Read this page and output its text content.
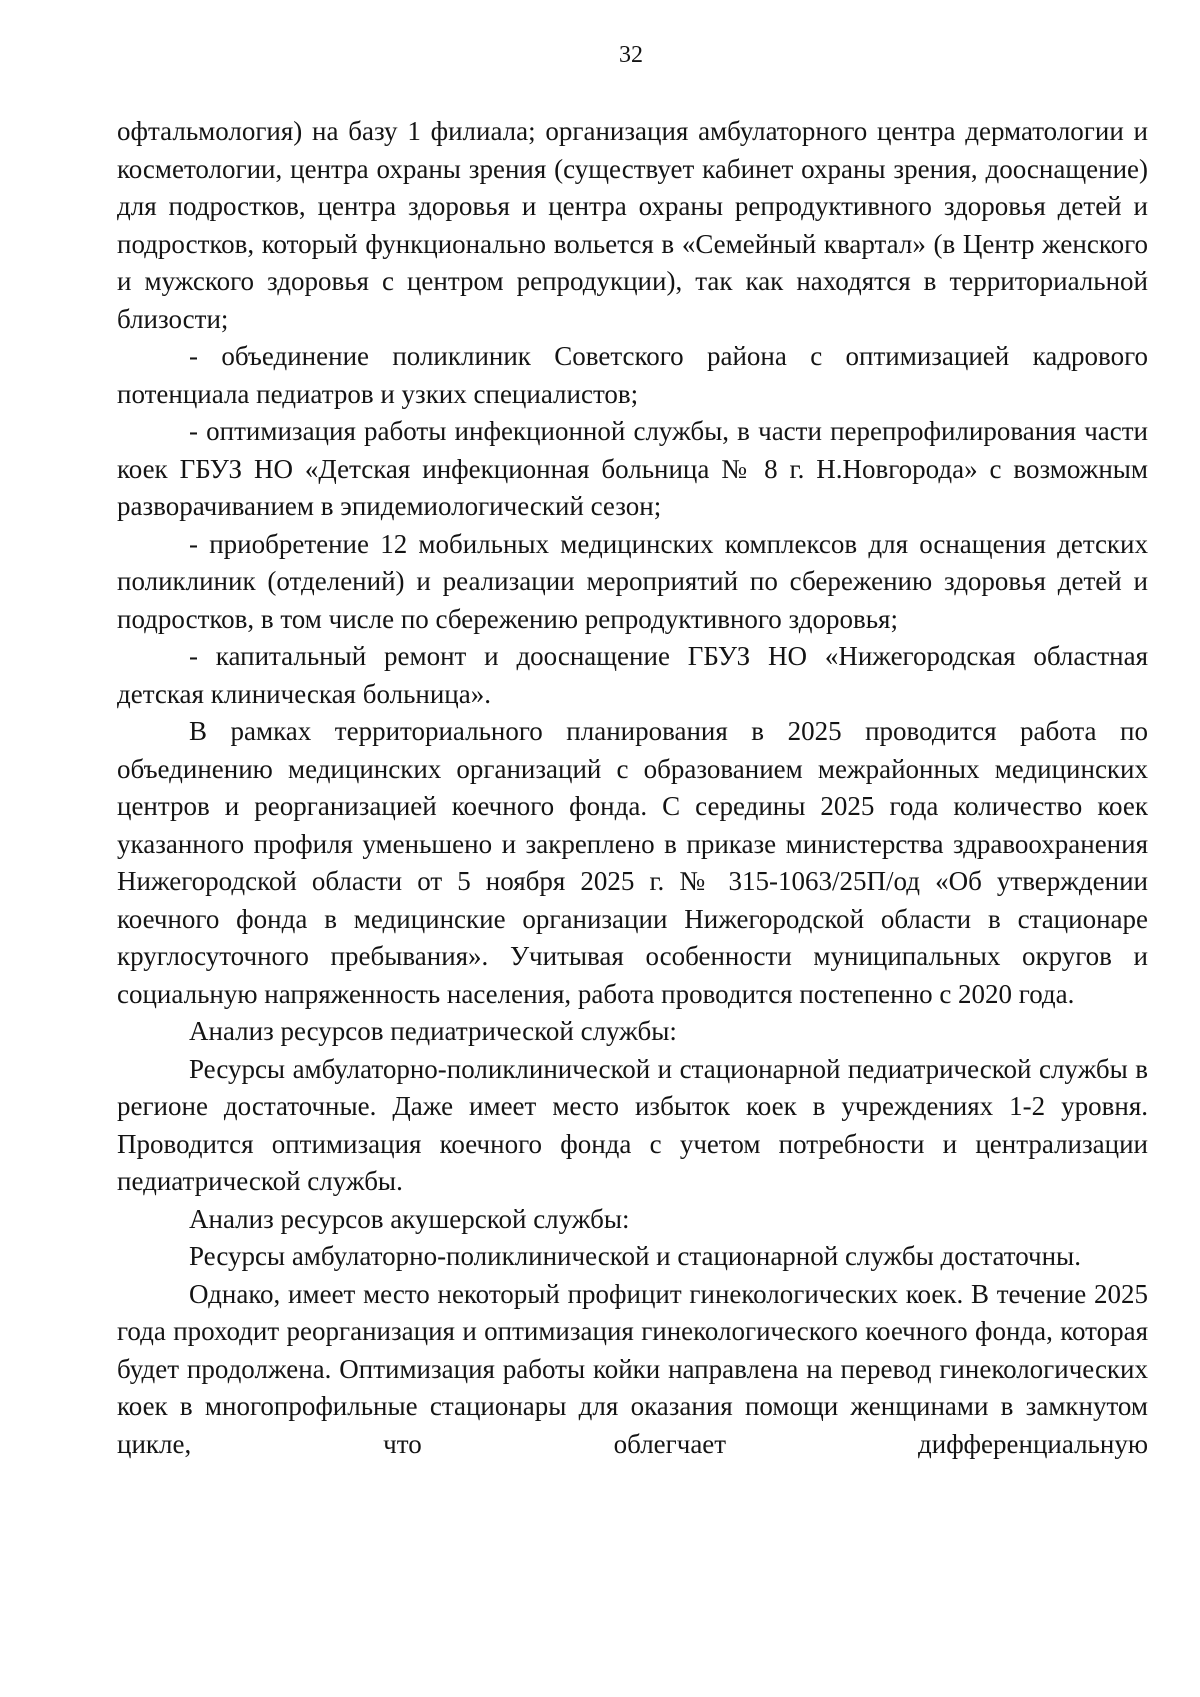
32

офтальмология) на базу 1 филиала; организация амбулаторного центра дерматологии и косметологии, центра охраны зрения (существует кабинет охраны зрения, дооснащение) для подростков, центра здоровья и центра охраны репродуктивного здоровья детей и подростков, который функционально вольется в «Семейный квартал» (в Центр женского и мужского здоровья с центром репродукции), так как находятся в территориальной близости;

- объединение поликлиник Советского района с оптимизацией кадрового потенциала педиатров и узких специалистов;

- оптимизация работы инфекционной службы, в части перепрофилирования части коек ГБУЗ НО «Детская инфекционная больница № 8 г. Н.Новгорода» с возможным разворачиванием в эпидемиологический сезон;

- приобретение 12 мобильных медицинских комплексов для оснащения детских поликлиник (отделений) и реализации мероприятий по сбережению здоровья детей и подростков, в том числе по сбережению репродуктивного здоровья;

- капитальный ремонт и дооснащение ГБУЗ НО «Нижегородская областная детская клиническая больница».

В рамках территориального планирования в 2025 проводится работа по объединению медицинских организаций с образованием межрайонных медицинских центров и реорганизацией коечного фонда. С середины 2025 года количество коек указанного профиля уменьшено и закреплено в приказе министерства здравоохранения Нижегородской области от 5 ноября 2025 г. № 315-1063/25П/од «Об утверждении коечного фонда в медицинские организации Нижегородской области в стационаре круглосуточного пребывания». Учитывая особенности муниципальных округов и социальную напряженность населения, работа проводится постепенно с 2020 года.

Анализ ресурсов педиатрической службы:

Ресурсы амбулаторно-поликлинической и стационарной педиатрической службы в регионе достаточные. Даже имеет место избыток коек в учреждениях 1-2 уровня. Проводится оптимизация коечного фонда с учетом потребности и централизации педиатрической службы.

Анализ ресурсов акушерской службы:

Ресурсы амбулаторно-поликлинической и стационарной службы достаточны.

Однако, имеет место некоторый профицит гинекологических коек. В течение 2025 года проходит реорганизация и оптимизация гинекологического коечного фонда, которая будет продолжена. Оптимизация работы койки направлена на перевод гинекологических коек в многопрофильные стационары для оказания помощи женщинами в замкнутом цикле, что облегчает дифференциальную
